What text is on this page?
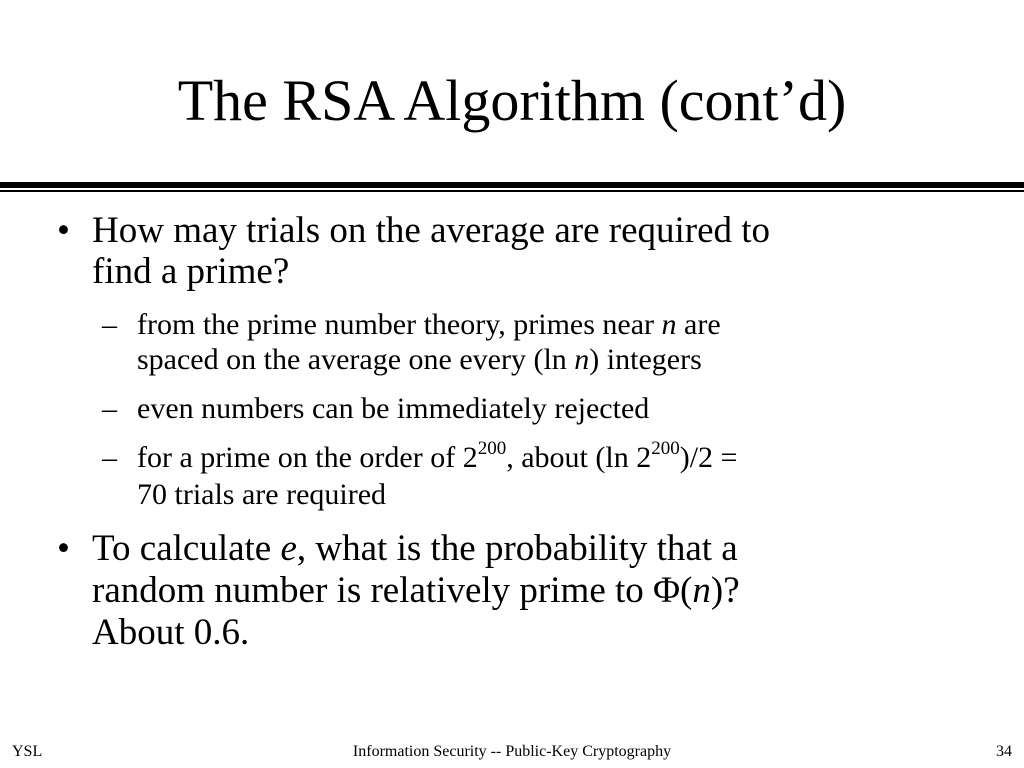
The RSA Algorithm (cont’d)
• How may trials on the average are required to
find a prime?
– from the prime number theory, primes near n are
spaced on the average one every (ln n) integers
– even numbers can be immediately rejected
– for a prime on the order of $2^{200}$, about (ln $2^{200})/2$ =
70 trials are required
• To calculate e, what is the probability that a
random number is relatively prime to Φ(n)?
About 0.6.
YSL	Information Security -- Public-Key Cryptography	34
